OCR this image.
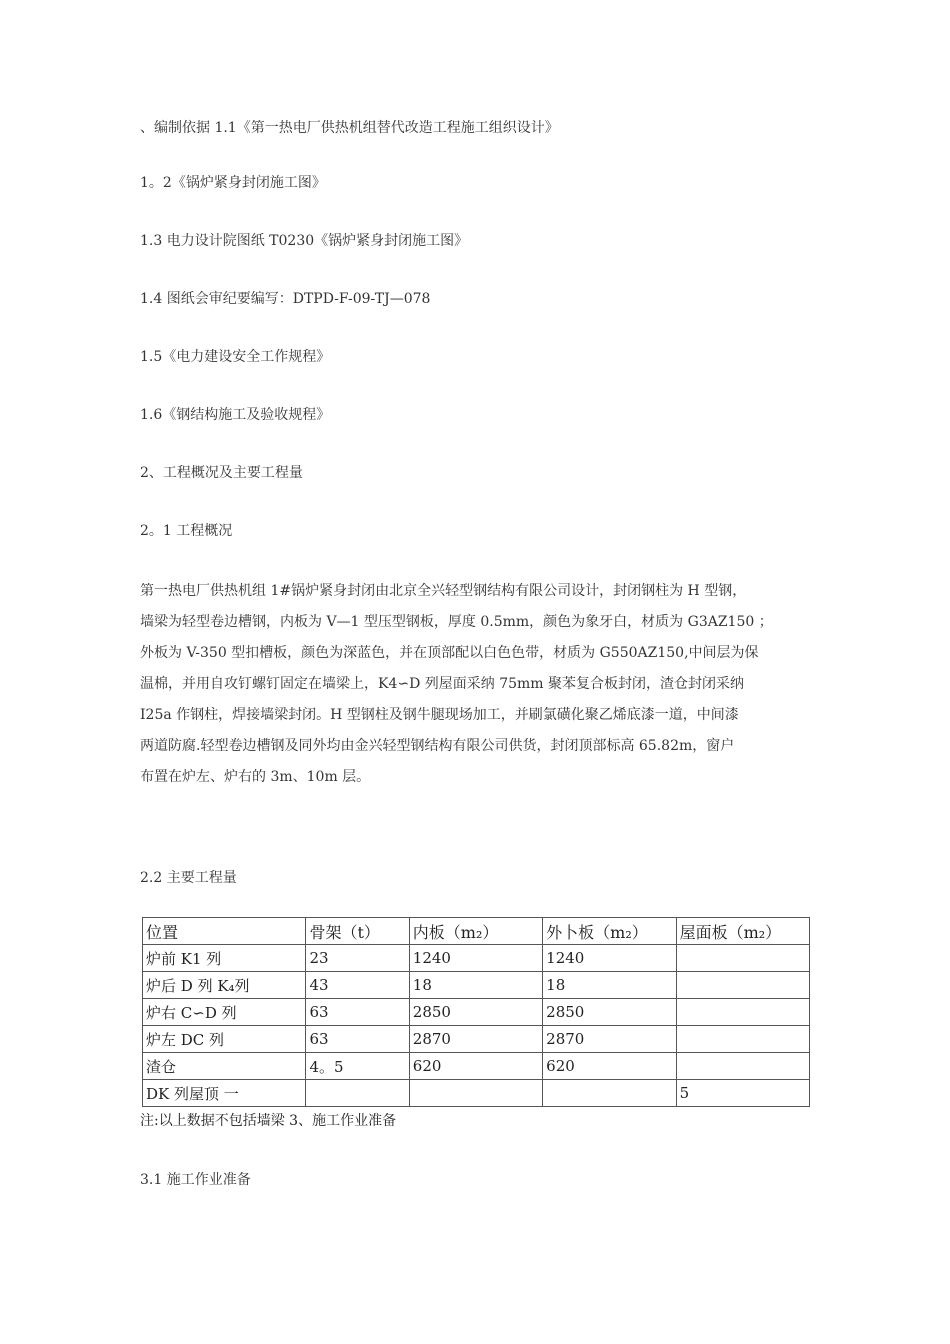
、编制依据 1.1《第一热电厂供热机组替代改造工程施工组织设计》
1。2《锅炉紧身封闭施工图》
1.3 电力设计院图纸 T0230《锅炉紧身封闭施工图》
1.4 图纸会审纪要编写：DTPD-F-09-TJ—078
1.5《电力建设安全工作规程》
1.6《钢结构施工及验收规程》
2、工程概况及主要工程量
2。1 工程概况
第一热电厂供热机组 1#锅炉紧身封闭由北京全兴轻型钢结构有限公司设计，封闭钢柱为 H 型钢，
墙梁为轻型卷边槽钢，内板为 V—1 型压型钢板，厚度 0.5mm，颜色为象牙白，材质为 G3AZ150 ；
外板为 V-350 型扣槽板，颜色为深蓝色，并在顶部配以白色色带，材质为 G550AZ150,中间层为保
温棉，并用自攻钉螺钉固定在墙梁上，K4∽D 列屋面采纳 75mm 聚苯复合板封闭，渣仓封闭采纳
I25a 作钢柱，焊接墙梁封闭。H 型钢柱及钢牛腿现场加工，并刷氯磺化聚乙烯底漆一道，中间漆
两道防腐.轻型卷边槽钢及同外均由金兴轻型钢结构有限公司供货，封闭顶部标高 65.82m，窗户
布置在炉左、炉右的 3m、10m 层。
2.2 主要工程量
位置	骨架（t）	内板（m₂）	外卜板（m₂）	屋面板（m₂）
炉前 K1 列	23	1240	1240	
炉后 D 列 K₄列	43	18	18	
炉右 C∽D 列	63	2850	2850	
炉左 DC 列	63	2870	2870	
渣仓	4。5	620	620	
DK 列屋顶 一				5
注:以上数据不包括墙梁 3、施工作业准备
3.1 施工作业准备
